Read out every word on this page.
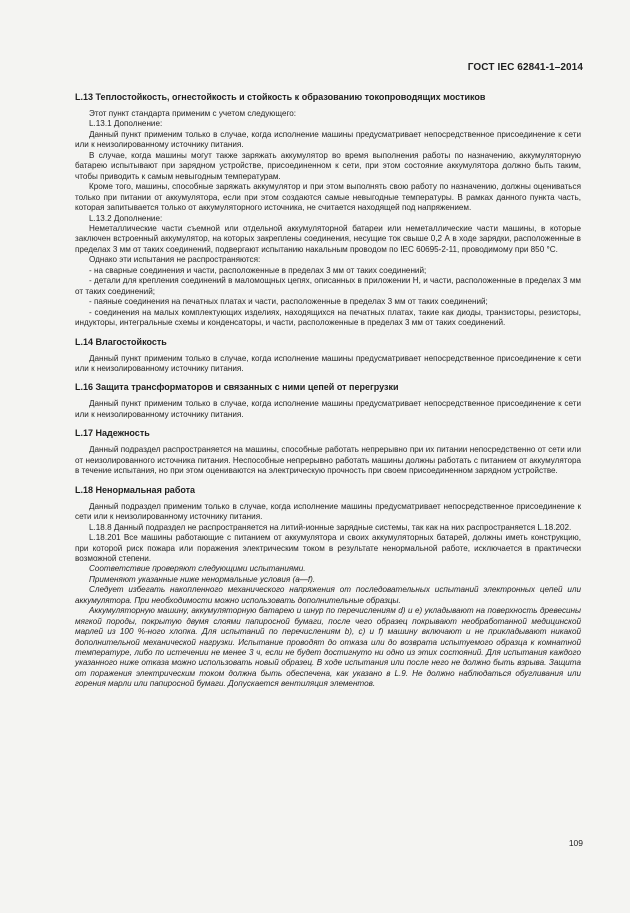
ГОСТ IEC 62841-1–2014
L.13 Теплостойкость, огнестойкость и стойкость к образованию токопроводящих мостиков

Этот пункт стандарта применим с учетом следующего:

L.13.1 Дополнение:

Данный пункт применим только в случае, когда исполнение машины предусматривает непосредственное присоединение к сети или к неизолированному источнику питания.

В случае, когда машины могут также заряжать аккумулятор во время выполнения работы по назначению, аккумуляторную батарею испытывают при зарядном устройстве, присоединенном к сети, при этом состояние аккумулятора должно быть таким, чтобы приводить к самым невыгодным температурам.

Кроме того, машины, способные заряжать аккумулятор и при этом выполнять свою работу по назначению, должны оцениваться только при питании от аккумулятора, если при этом создаются самые невыгодные температуры. В рамках данного пункта часть, которая запитывается только от аккумуляторного источника, не считается находящей под напряжением.

L.13.2 Дополнение:

Неметаллические части съемной или отдельной аккумуляторной батареи или неметаллические части машины, в которые заключен встроенный аккумулятор, на которых закреплены соединения, несущие ток свыше 0,2 А в ходе зарядки, расположенные в пределах 3 мм от таких соединений, подвергают испытанию накальным проводом по IEC 60695-2-11, проводимому при 850 °C.

Однако эти испытания не распространяются:

- на сварные соединения и части, расположенные в пределах 3 мм от таких соединений;

- детали для крепления соединений в маломощных цепях, описанных в приложении Н, и части, расположенные в пределах 3 мм от таких соединений;

- паяные соединения на печатных платах и части, расположенные в пределах 3 мм от таких соединений;

- соединения на малых комплектующих изделиях, находящихся на печатных платах, такие как диоды, транзисторы, резисторы, индукторы, интегральные схемы и конденсаторы, и части, расположенные в пределах 3 мм от таких соединений.

L.14 Влагостойкость

Данный пункт применим только в случае, когда исполнение машины предусматривает непосредственное присоединение к сети или к неизолированному источнику питания.

L.16 Защита трансформаторов и связанных с ними цепей от перегрузки

Данный пункт применим только в случае, когда исполнение машины предусматривает непосредственное присоединение к сети или к неизолированному источнику питания.

L.17 Надежность

Данный подраздел распространяется на машины, способные работать непрерывно при их питании непосредственно от сети или от неизолированного источника питания. Неспособные непрерывно работать машины должны работать с питанием от аккумулятора в течение испытания, но при этом оцениваются на электрическую прочность при своем присоединенном зарядном устройстве.

L.18 Ненормальная работа

Данный подраздел применим только в случае, когда исполнение машины предусматривает непосредственное присоединение к сети или к неизолированному источнику питания.

L.18.8 Данный подраздел не распространяется на литий-ионные зарядные системы, так как на них распространяется L.18.202.

L.18.201 Все машины работающие с питанием от аккумулятора и своих аккумуляторных батарей, должны иметь конструкцию, при которой риск пожара или поражения электрическим током в результате ненормальной работе, исключается в практически возможной степени.

Соответствие проверяют следующими испытаниями.

Применяют указанные ниже ненормальные условия (a—f).

Следует избегать накопленного механического напряжения от последовательных испытаний электронных цепей или аккумулятора. При необходимости можно использовать дополнительные образцы.

Аккумуляторную машину, аккумуляторную батарею и шнур по перечислениям d) и е) укладывают на поверхность древесины мягкой породы, покрытую двумя слоями папиросной бумаги, после чего образец покрывают необработанной медицинской марлей из 100 %-ного хлопка. Для испытаний по перечислениям b), c) и f) машину включают и не прикладывают никакой дополнительной механической нагрузки. Испытание проводят до отказа или до возврата испытуемого образца к комнатной температуре, либо по истечении не менее 3 ч, если не будет достигнуто ни одно из этих состояний. Для испытания каждого указанного ниже отказа можно использовать новый образец. В ходе испытания или после него не должно быть взрыва. Защита от поражения электрическим током должна быть обеспечена, как указано в L.9. Не должно наблюдаться обугливания или горения марли или папиросной бумаги. Допускается вентиляция элементов.

109
